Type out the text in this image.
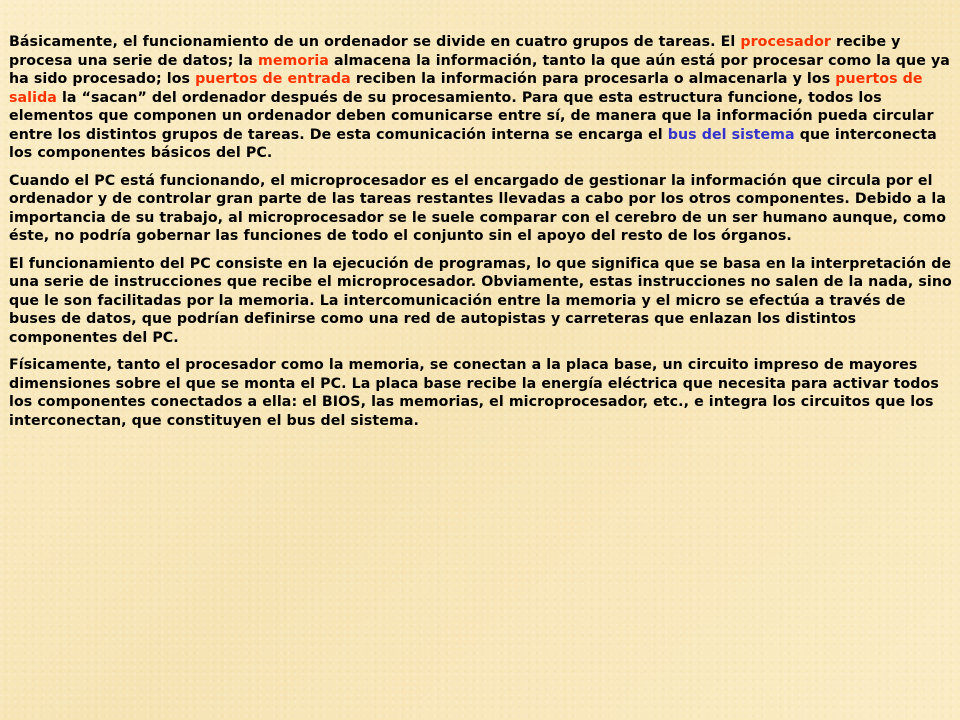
Básicamente, el funcionamiento de un ordenador se divide en cuatro grupos de tareas. El procesador recibe y procesa una serie de datos; la memoria almacena la información, tanto la que aún está por procesar como la que ya ha sido procesado; los puertos de entrada reciben la información para procesarla o almacenarla y los puertos de salida la “sacan” del ordenador después de su procesamiento. Para que esta estructura funcione, todos los elementos que componen un ordenador deben comunicarse entre sí, de manera que la información pueda circular entre los distintos grupos de tareas. De esta comunicación interna se encarga el bus del sistema que interconecta los componentes básicos del PC.

Cuando el PC está funcionando, el microprocesador es el encargado de gestionar la información que circula por el ordenador y de controlar gran parte de las tareas restantes llevadas a cabo por los otros componentes. Debido a la importancia de su trabajo, al microprocesador se le suele comparar con el cerebro de un ser humano aunque, como éste, no podría gobernar las funciones de todo el conjunto sin el apoyo del resto de los órganos.

El funcionamiento del PC consiste en la ejecución de programas, lo que significa que se basa en la interpretación de una serie de instrucciones que recibe el microprocesador. Obviamente, estas instrucciones no salen de la nada, sino que le son facilitadas por la memoria. La intercomunicación entre la memoria y el micro se efectúa a través de buses de datos, que podrían definirse como una red de autopistas y carreteras que enlazan los distintos componentes del PC.

Físicamente, tanto el procesador como la memoria, se conectan a la placa base, un circuito impreso de mayores dimensiones sobre el que se monta el PC. La placa base recibe la energía eléctrica que necesita para activar todos los componentes conectados a ella: el BIOS, las memorias, el microprocesador, etc., e integra los circuitos que los interconectan, que constituyen el bus del sistema.
